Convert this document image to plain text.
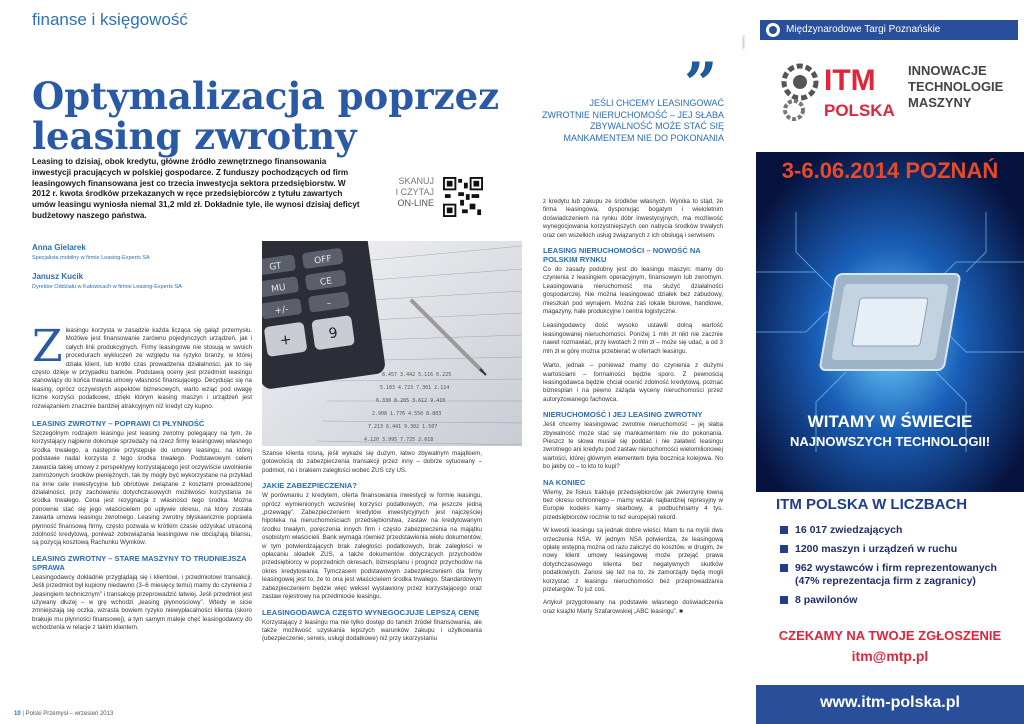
finanse i księgowość
Optymalizacja poprzez
leasing zwrotny
Leasing to dzisiaj, obok kredytu, główne źródło zewnętrznego finansowania inwestycji pracujących w polskiej gospodarce. Z funduszy pochodzących od firm leasingowych finansowana jest co trzecia inwestycja sektora przedsiębiorstw. W 2012 r. kwota środków przekazanych w ręce przedsiębiorców z tytułu zawartych umów leasingu wyniosła niemal 31,2 mld zł. Dokładnie tyle, ile wynosi dzisiaj deficyt budżetowy naszego państwa.
SKANUJ
I CZYTAJ
ON-LINE
Anna Gielarek
Specjalista mobilny w firmie Leasing-Experts SA
Janusz Kucik
Dyrektor Oddziału w Katowicach w firmie Leasing-Experts SA
8.457 3.442 5.116 6.225
5.183 4.723 7.301 2.114
6.330 8.205 3.612 9.410
2.908 1.776 4.550 8.803
7.213 6.441 9.302 1.507
4.120 3.995 7.725 2.018
GT
OFF
MU
CE
+/-
–
+	9
Zleasingu korzysta w zasadzie każda licząca się gałąź przemysłu. Możliwe jest finansowanie zarówno pojedynczych urządzeń, jak i całych linii produkcyjnych. Firmy leasingowe nie stosują w swoich procedurach wykluczeń ze względu na ryzyko branży, w której działa klient, lub krótki czas prowadzenia działalności, jak to się często dzieje w przypadku banków. Podstawą oceny jest przedmiot leasingu stanowiący do końca trwania umowy własność finansującego. Decydując się na leasing, oprócz oczywistych aspektów biznesowych, warto wziąć pod uwagę liczne korzyści podatkowe, dzięki którym leasing maszyn i urządzeń jest rozwiązaniem znacznie bardziej atrakcyjnym niż kredyt czy kupno.
LEASING ZWROTNY – POPRAWI CI PŁYNNOŚĆ
Szczególnym rodzajem leasingu jest leasing zwrotny polegający na tym, że korzystający najpierw dokonuje sprzedaży na rzecz firmy leasingowej własnego środka trwałego, a następnie przystępuje do umowy leasingu, na której podstawie nadal korzysta z tego środka trwałego. Podstawowym celem zawarcia takiej umowy z perspektywy korzystającego jest oczywiście uwolnienie zamrożonych środków pieniężnych, tak by mogły być wykorzystane na przykład na inne cele inwestycyjne lub obrotowe związane z kosztami prowadzonej działalności, przy zachowaniu dotychczasowych możliwości korzystania ze środka trwałego. Cena jest rezygnacja z własności tego środka. Można ponownie stać się jego właścicielem po upływie okresu, na który została zawarta umowa leasingu zwrotnego. Leasing zwrotny błyskawicznie poprawia płynność finansową firmy, często pozwala w krótkim czasie odzyskać utraconą zdolność kredytową, poniważ zobowiązania leasingowe nie obciążają bilansu, są pozycją kosztową Rachunku Wyników.
LEASING ZWROTNY – STARE MASZYNY TO TRUDNIEJSZA SPRAWA
Leasingodawcy dokładnie przyglądają się i klientowi, i przedmiotowi transakcji. Jeśli przedmiot był kupiony niedawno (3–6 miesięcy temu) mamy do czynienia z „leasingiem technicznym” i transakcję przeprowadzić łatwiej. Jeśli przedmiot jest używany dłużej – w grę wchodzi „leasing płynnościowy”. Wtedy w sicie zmniejszają się oczka, wzrasta bowiem ryzyko niewypłacalności klienta (skoro brakuje mu płynności finansowej), a tym samym maleje chęć leasingodawcy do wchodzenia w relacje z takim klientem.
Szanse klienta rosną, jeśli wykaże się dużym, łatwo zbywalnym majątkiem, gotowością do zabezpieczenia transakcji przez inny – dobrze sytuowany – podmiot, no i brakiem zaległości wobec ZUS czy US.
JAKIE ZABEZPIECZENIA?
W porównaniu z kredytem, oferta finansowania inwestycji w formie leasingu, oprócz wymienionych wcześniej korzyści podatkowych, ma jeszcze jedną „przewagę”. Zabezpieczeniem kredytów inwestycyjnych jest najczęściej hipoteka na nieruchomościach przedsiębiorstwa, zastaw na kredytowanym środku trwałym, poręczenia innych firm i często zabezpieczenia na majątku osobistym właścicieli. Bank wymaga również przedstawienia wielu dokumentów, w tym potwierdzających brak zaległości podatkowych, brak zaległości w opłacaniu składek ZUS, a także dokumentów dotyczących przychodów przedsiębiorcy w poprzednich okresach, biznesplanu i prognoz przychodów na okres kredytowania. Tymczasem podstawowym zabezpieczeniem dla firmy leasingowej jest to, że to ona jest właścicielem środka trwałego. Standardowym zabezpieczeniem będzie więc weksel wystawiony przez korzystającego oraz zastaw rejestrowy na przedmiocie leasingu.
LEASINGODAWCA CZĘSTO WYNEGOCJUJE LEPSZĄ CENĘ
Korzystający z leasingu ma nie tylko dostęp do tanich źródeł finansowania, ale także możliwość uzyskania lepszych warunków zakupu i użytkowania (ubezpieczenie, serwis, usługi dodatkowe) niż przy skorzystaniu
”
JEŚLI CHCEMY LEASINGOWAĆ ZWROTNIE NIERUCHOMOŚĆ – JEJ SŁABA ZBYWALNOŚĆ MOŻE STAĆ SIĘ MANKAMENTEM NIE DO POKONANIA
z kredytu lub zakupu ze środków własnych. Wynika to stąd, że firma leasingowa, dysponując bogatym i wieloletnim doświadczeniem na rynku dóbr inwestycyjnych, ma możliwość wynegocjowania korzystniejszych cen nabycia środków trwałych oraz cen wszelkich usług związanych z ich obsługą i serwisem.
LEASING NIERUCHOMOŚCI – NOWOŚĆ NA POLSKIM RYNKU
Co do zasady podobny jest do leasingu maszyn: mamy do czynienia z leasingiem operacyjnym, finansowym lub zwrotnym. Leasingowana nieruchomość ma służyć działalności gospodarczej. Nie można leasingować działek bez zabudowy, mieszkań pod wynajem. Można zaś lokale biurowe, handlowe, magazyny, hale produkcyjne i centra logistyczne.
Leasingodawcy dość wysoko ustawili dolną wartość leasingowanej nieruchomości. Poniżej 1 mln zł nikt nie zacznie nawet rozmawiać, przy kwotach 2 mln zł – może się udać, a od 3 mln zł w górę można przebierać w ofertach leasingu.
Warto, jednak – ponieważ mamy do czynienia z dużymi wartościami – formalności będzie sporo. Z pewnością leasingodawca będzie chciał ocenić zdolność kredytową, poznać biznesplan i na pewno zażąda wyceny nieruchomości przez autoryzowanego fachowca.
NIERUCHOMOŚĆ I JEJ LEASING ZWROTNY
Jeśli chcemy leasingować zwrotnie nieruchomość – jej słaba zbywalność może stać się mankamentem nie do pokonania. Pieszcz te słowa musiał się poddać i nie załatwić leasingu zwrotnego ani kredytu pod zastaw nieruchomości wielomilionowej wartości, której głównym elementem była bocznica kolejowa. No bo jakby co – to kto to kupi?
NA KONIEC
Wiemy, że fiskus traktuje przedsiębiorców jak zwierzynę łowną bez okresu ochronnego – mamy wszak najbardziej represyjny w Europie kodeks karny skarbowy, a podbuchniamy 4 tys. przedsiębiorców rocznie to też europejski rekord.
W kwestii leasingu są jednak dobre wieści. Mam tu na myśli dwa orzeczenia NSA. W jednym NSA potwierdza, że leasingową opłatę wstępną można od razu zaliczyć do kosztów, w drugim, że nowy klient umowy leasingowej może przejąć prawa dotychczasowego klienta bez negatywnych skutków podatkowych. Zanosi się też na to, że zamorządy będą mogli korzystać z leasingu nieruchomości bez przeprowadzania przetargów. To już coś.
Artykuł przygotowany na podstawie własnego doświadczenia oraz książki Marty Szafarowskiej „ABC leasingu”. ■
10 | Polski Przemysł – wrzesień 2013
reklama
Międzynarodowe Targi Poznańskie
ITM
POLSKA
INNOWACJE
TECHNOLOGIE
MASZYNY
3-6.06.2014 POZNAŃ
WITAMY W ŚWIECIE
NAJNOWSZYCH TECHNOLOGII!
ITM POLSKA W LICZBACH
16 017 zwiedzających
1200 maszyn i urządzeń w ruchu
962 wystawców i firm reprezentowanych
(47% reprezentacja firm z zagranicy)
8 pawilonów
CZEKAMY NA TWOJE ZGŁOSZENIE
itm@mtp.pl
www.itm-polska.pl
